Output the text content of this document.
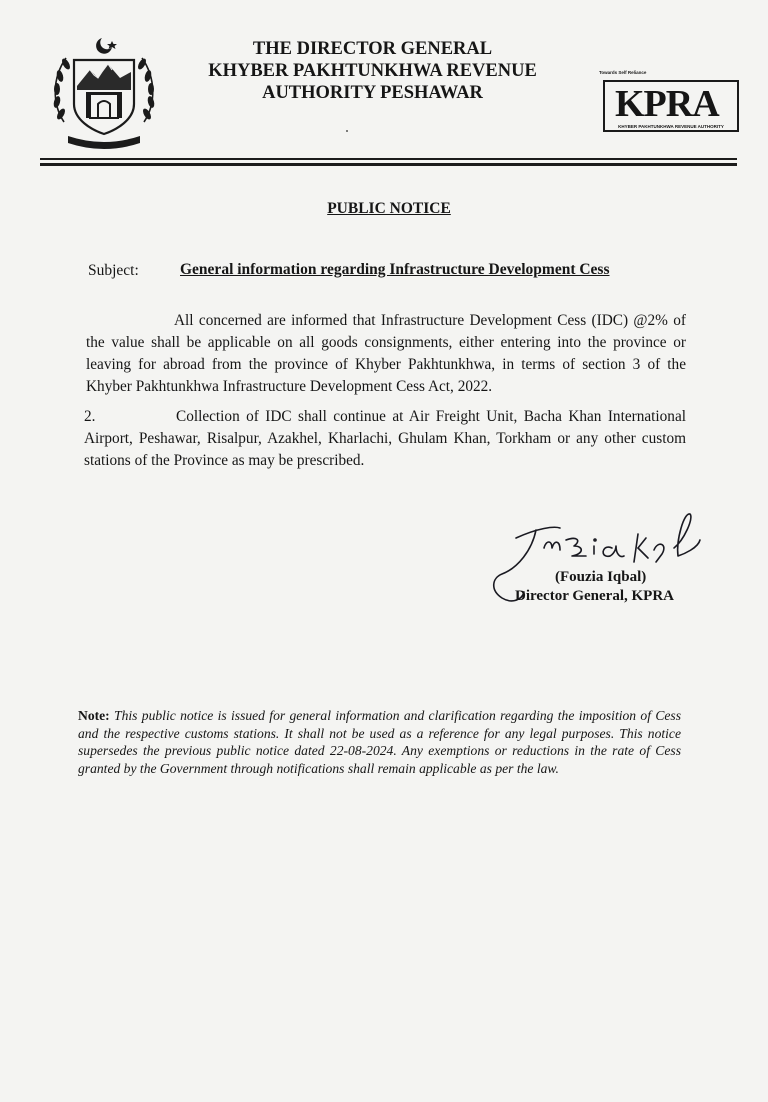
THE DIRECTOR GENERAL
KHYBER PAKHTUNKHWA REVENUE
AUTHORITY PESHAWAR
Towards Self Reliance
KPRA
KHYBER PAKHTUNKHWA REVENUE AUTHORITY
PUBLIC NOTICE
Subject:	General information regarding Infrastructure Development Cess
All concerned are informed that Infrastructure Development Cess (IDC) @2% of the value shall be applicable on all goods consignments, either entering into the province or leaving for abroad from the province of Khyber Pakhtunkhwa, in terms of section 3 of the Khyber Pakhtunkhwa Infrastructure Development Cess Act, 2022.
2.	Collection of IDC shall continue at Air Freight Unit, Bacha Khan International Airport, Peshawar, Risalpur, Azakhel, Kharlachi, Ghulam Khan, Torkham or any other custom stations of the Province as may be prescribed.
(Fouzia Iqbal)
Director General, KPRA
Note: This public notice is issued for general information and clarification regarding the imposition of Cess and the respective customs stations. It shall not be used as a reference for any legal purposes. This notice supersedes the previous public notice dated 22-08-2024. Any exemptions or reductions in the rate of Cess granted by the Government through notifications shall remain applicable as per the law.
